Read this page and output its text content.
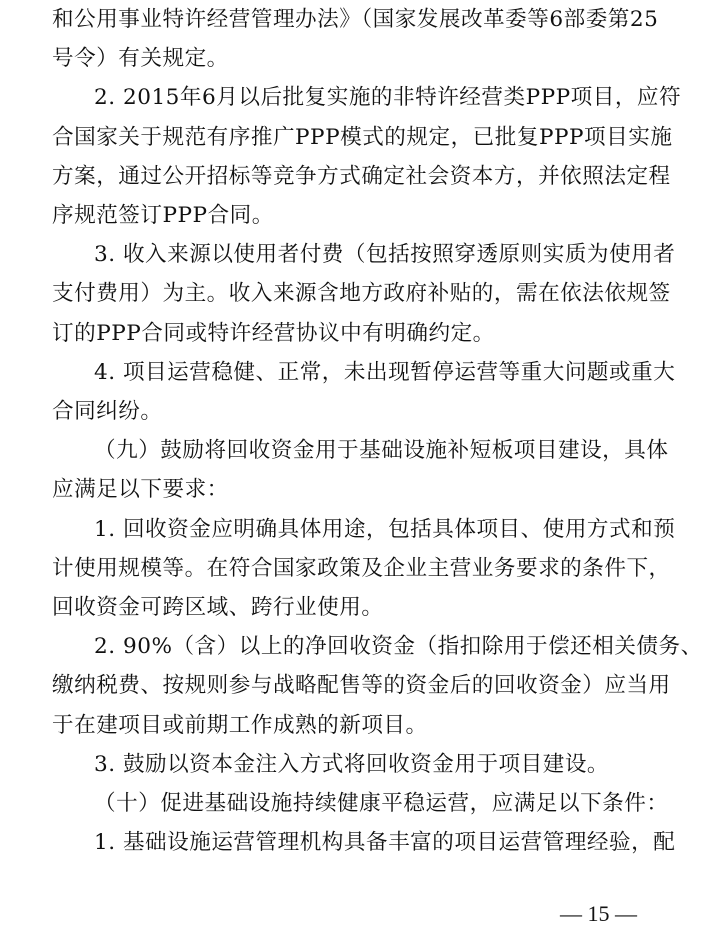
和公用事业特许经营管理办法》（国家发展改革委等6部委第25
号令）有关规定。
2. 2015年6月以后批复实施的非特许经营类PPP项目，应符
合国家关于规范有序推广PPP模式的规定，已批复PPP项目实施
方案，通过公开招标等竞争方式确定社会资本方，并依照法定程
序规范签订PPP合同。
3. 收入来源以使用者付费（包括按照穿透原则实质为使用者
支付费用）为主。收入来源含地方政府补贴的，需在依法依规签
订的PPP合同或特许经营协议中有明确约定。
4. 项目运营稳健、正常，未出现暂停运营等重大问题或重大
合同纠纷。
（九）鼓励将回收资金用于基础设施补短板项目建设，具体
应满足以下要求：
1. 回收资金应明确具体用途，包括具体项目、使用方式和预
计使用规模等。在符合国家政策及企业主营业务要求的条件下，
回收资金可跨区域、跨行业使用。
2. 90%（含）以上的净回收资金（指扣除用于偿还相关债务、
缴纳税费、按规则参与战略配售等的资金后的回收资金）应当用
于在建项目或前期工作成熟的新项目。
3. 鼓励以资本金注入方式将回收资金用于项目建设。
— 15 —
（十）促进基础设施持续健康平稳运营，应满足以下条件：
1. 基础设施运营管理机构具备丰富的项目运营管理经验，配
